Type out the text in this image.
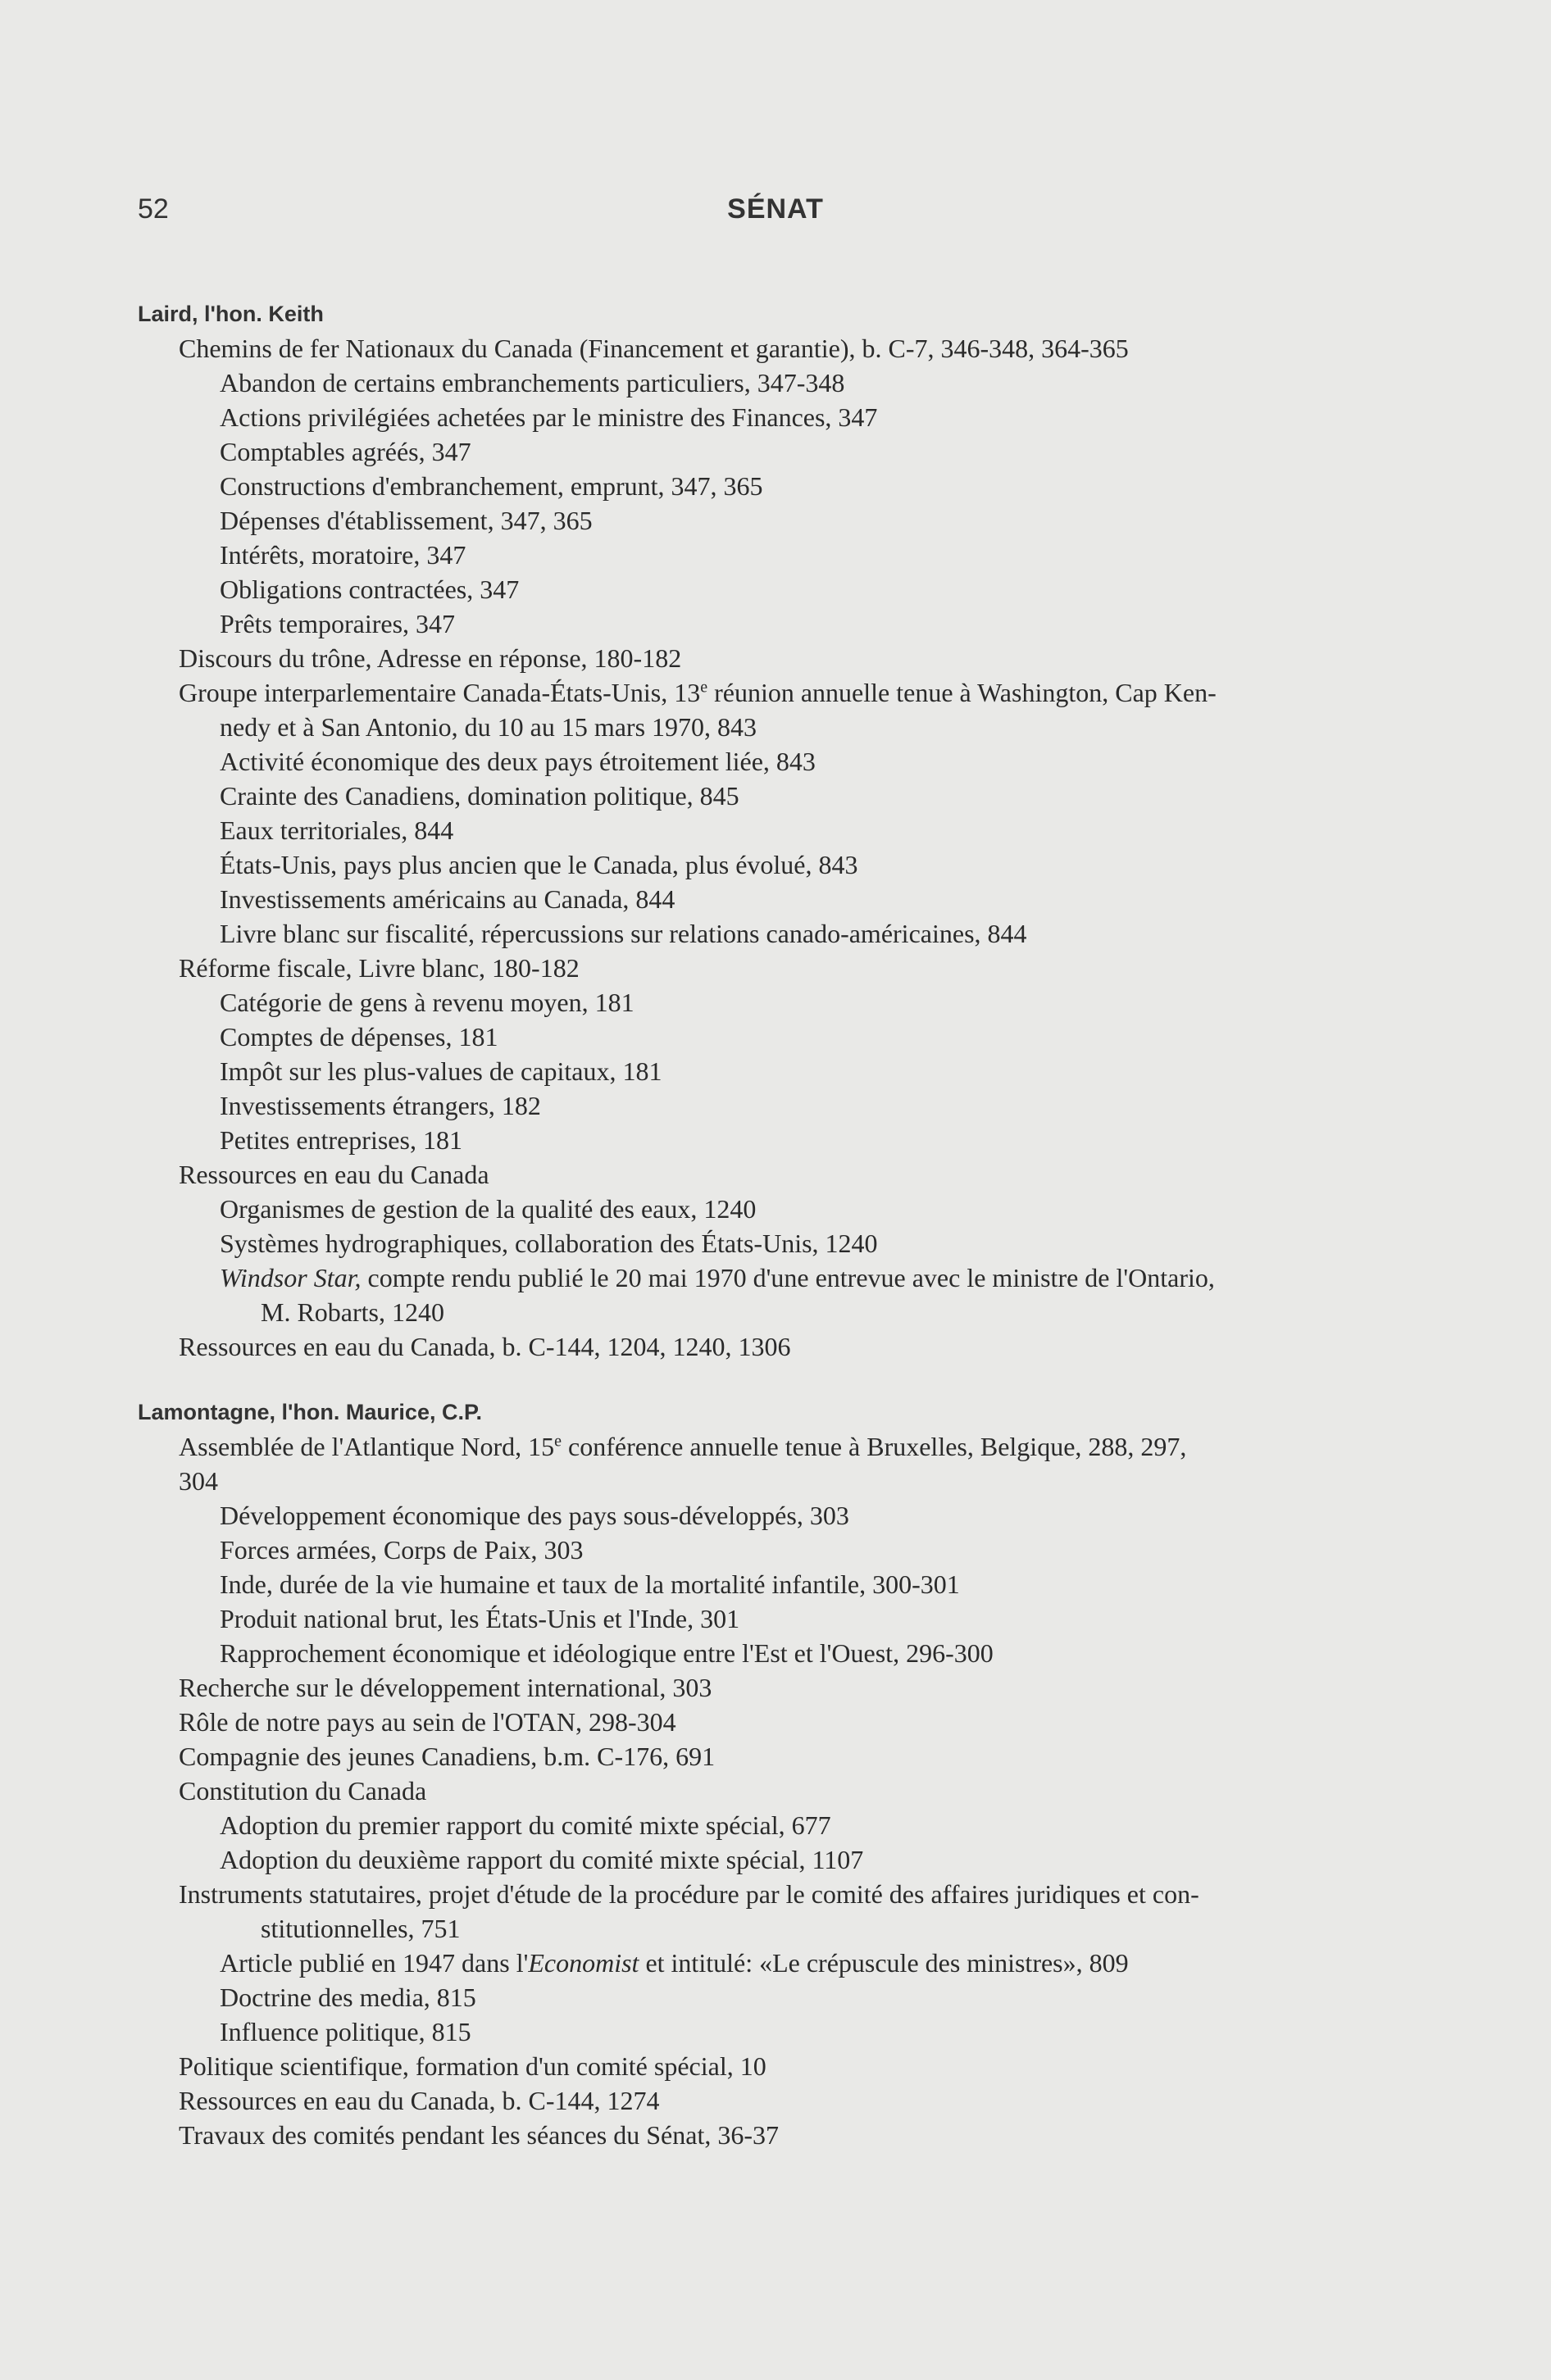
52	SÉNAT
Laird, l'hon. Keith
Chemins de fer Nationaux du Canada (Financement et garantie), b. C-7, 346-348, 364-365
Abandon de certains embranchements particuliers, 347-348
Actions privilégiées achetées par le ministre des Finances, 347
Comptables agréés, 347
Constructions d'embranchement, emprunt, 347, 365
Dépenses d'établissement, 347, 365
Intérêts, moratoire, 347
Obligations contractées, 347
Prêts temporaires, 347
Discours du trône, Adresse en réponse, 180-182
Groupe interparlementaire Canada-États-Unis, 13e réunion annuelle tenue à Washington, Cap Ken-
nedy et à San Antonio, du 10 au 15 mars 1970, 843
Activité économique des deux pays étroitement liée, 843
Crainte des Canadiens, domination politique, 845
Eaux territoriales, 844
États-Unis, pays plus ancien que le Canada, plus évolué, 843
Investissements américains au Canada, 844
Livre blanc sur fiscalité, répercussions sur relations canado-américaines, 844
Réforme fiscale, Livre blanc, 180-182
Catégorie de gens à revenu moyen, 181
Comptes de dépenses, 181
Impôt sur les plus-values de capitaux, 181
Investissements étrangers, 182
Petites entreprises, 181
Ressources en eau du Canada
Organismes de gestion de la qualité des eaux, 1240
Systèmes hydrographiques, collaboration des États-Unis, 1240
Windsor Star, compte rendu publié le 20 mai 1970 d'une entrevue avec le ministre de l'Ontario,
M. Robarts, 1240
Ressources en eau du Canada, b. C-144, 1204, 1240, 1306
Lamontagne, l'hon. Maurice, C.P.
Assemblée de l'Atlantique Nord, 15e conférence annuelle tenue à Bruxelles, Belgique, 288, 297,
304
Développement économique des pays sous-développés, 303
Forces armées, Corps de Paix, 303
Inde, durée de la vie humaine et taux de la mortalité infantile, 300-301
Produit national brut, les États-Unis et l'Inde, 301
Rapprochement économique et idéologique entre l'Est et l'Ouest, 296-300
Recherche sur le développement international, 303
Rôle de notre pays au sein de l'OTAN, 298-304
Compagnie des jeunes Canadiens, b.m. C-176, 691
Constitution du Canada
Adoption du premier rapport du comité mixte spécial, 677
Adoption du deuxième rapport du comité mixte spécial, 1107
Instruments statutaires, projet d'étude de la procédure par le comité des affaires juridiques et con-
stitutionnelles, 751
Article publié en 1947 dans l'Economist et intitulé: «Le crépuscule des ministres», 809
Doctrine des media, 815
Influence politique, 815
Politique scientifique, formation d'un comité spécial, 10
Ressources en eau du Canada, b. C-144, 1274
Travaux des comités pendant les séances du Sénat, 36-37
